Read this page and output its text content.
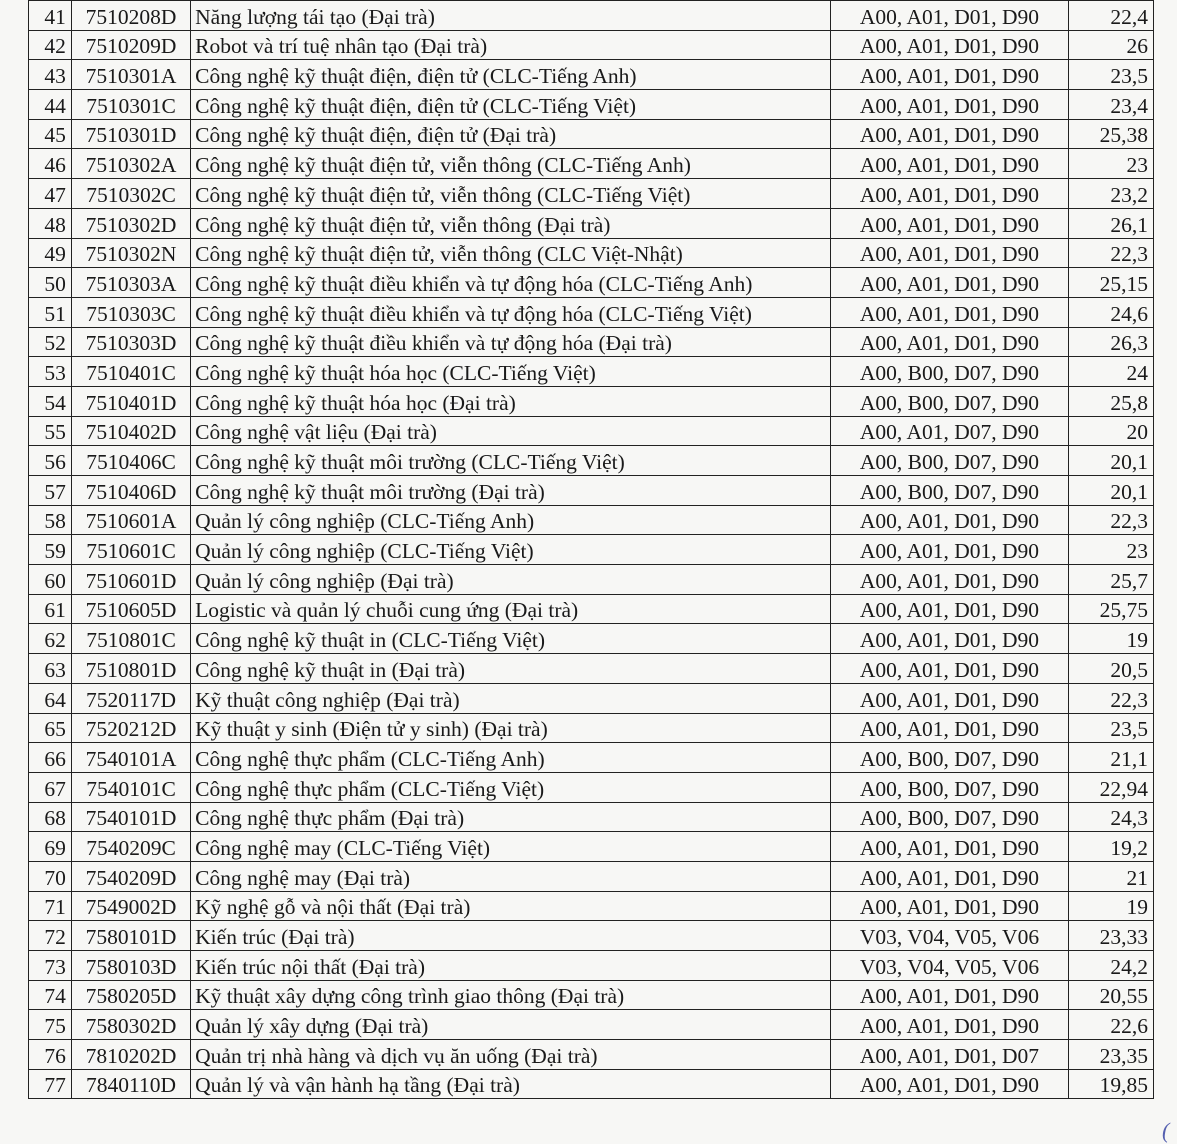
41	7510208D	Năng lượng tái tạo (Đại trà)	A00, A01, D01, D90	22,4
42	7510209D	Robot và trí tuệ nhân tạo (Đại trà)	A00, A01, D01, D90	26
43	7510301A	Công nghệ kỹ thuật điện, điện tử (CLC-Tiếng Anh)	A00, A01, D01, D90	23,5
44	7510301C	Công nghệ kỹ thuật điện, điện tử (CLC-Tiếng Việt)	A00, A01, D01, D90	23,4
45	7510301D	Công nghệ kỹ thuật điện, điện tử (Đại trà)	A00, A01, D01, D90	25,38
46	7510302A	Công nghệ kỹ thuật điện tử, viễn thông (CLC-Tiếng Anh)	A00, A01, D01, D90	23
47	7510302C	Công nghệ kỹ thuật điện tử, viễn thông (CLC-Tiếng Việt)	A00, A01, D01, D90	23,2
48	7510302D	Công nghệ kỹ thuật điện tử, viễn thông (Đại trà)	A00, A01, D01, D90	26,1
49	7510302N	Công nghệ kỹ thuật điện tử, viễn thông (CLC Việt-Nhật)	A00, A01, D01, D90	22,3
50	7510303A	Công nghệ kỹ thuật điều khiển và tự động hóa (CLC-Tiếng Anh)	A00, A01, D01, D90	25,15
51	7510303C	Công nghệ kỹ thuật điều khiển và tự động hóa (CLC-Tiếng Việt)	A00, A01, D01, D90	24,6
52	7510303D	Công nghệ kỹ thuật điều khiển và tự động hóa (Đại trà)	A00, A01, D01, D90	26,3
53	7510401C	Công nghệ kỹ thuật hóa học (CLC-Tiếng Việt)	A00, B00, D07, D90	24
54	7510401D	Công nghệ kỹ thuật hóa học (Đại trà)	A00, B00, D07, D90	25,8
55	7510402D	Công nghệ vật liệu (Đại trà)	A00, A01, D07, D90	20
56	7510406C	Công nghệ kỹ thuật môi trường (CLC-Tiếng Việt)	A00, B00, D07, D90	20,1
57	7510406D	Công nghệ kỹ thuật môi trường (Đại trà)	A00, B00, D07, D90	20,1
58	7510601A	Quản lý công nghiệp (CLC-Tiếng Anh)	A00, A01, D01, D90	22,3
59	7510601C	Quản lý công nghiệp (CLC-Tiếng Việt)	A00, A01, D01, D90	23
60	7510601D	Quản lý công nghiệp (Đại trà)	A00, A01, D01, D90	25,7
61	7510605D	Logistic và quản lý chuỗi cung ứng (Đại trà)	A00, A01, D01, D90	25,75
62	7510801C	Công nghệ kỹ thuật in (CLC-Tiếng Việt)	A00, A01, D01, D90	19
63	7510801D	Công nghệ kỹ thuật in (Đại trà)	A00, A01, D01, D90	20,5
64	7520117D	Kỹ thuật công nghiệp (Đại trà)	A00, A01, D01, D90	22,3
65	7520212D	Kỹ thuật y sinh (Điện tử y sinh) (Đại trà)	A00, A01, D01, D90	23,5
66	7540101A	Công nghệ thực phẩm (CLC-Tiếng Anh)	A00, B00, D07, D90	21,1
67	7540101C	Công nghệ thực phẩm (CLC-Tiếng Việt)	A00, B00, D07, D90	22,94
68	7540101D	Công nghệ thực phẩm (Đại trà)	A00, B00, D07, D90	24,3
69	7540209C	Công nghệ may (CLC-Tiếng Việt)	A00, A01, D01, D90	19,2
70	7540209D	Công nghệ may (Đại trà)	A00, A01, D01, D90	21
71	7549002D	Kỹ nghệ gỗ và nội thất (Đại trà)	A00, A01, D01, D90	19
72	7580101D	Kiến trúc (Đại trà)	V03, V04, V05, V06	23,33
73	7580103D	Kiến trúc nội thất (Đại trà)	V03, V04, V05, V06	24,2
74	7580205D	Kỹ thuật xây dựng công trình giao thông (Đại trà)	A00, A01, D01, D90	20,55
75	7580302D	Quản lý xây dựng (Đại trà)	A00, A01, D01, D90	22,6
76	7810202D	Quản trị nhà hàng và dịch vụ ăn uống (Đại trà)	A00, A01, D01, D07	23,35
77	7840110D	Quản lý và vận hành hạ tầng (Đại trà)	A00, A01, D01, D90	19,85
(
